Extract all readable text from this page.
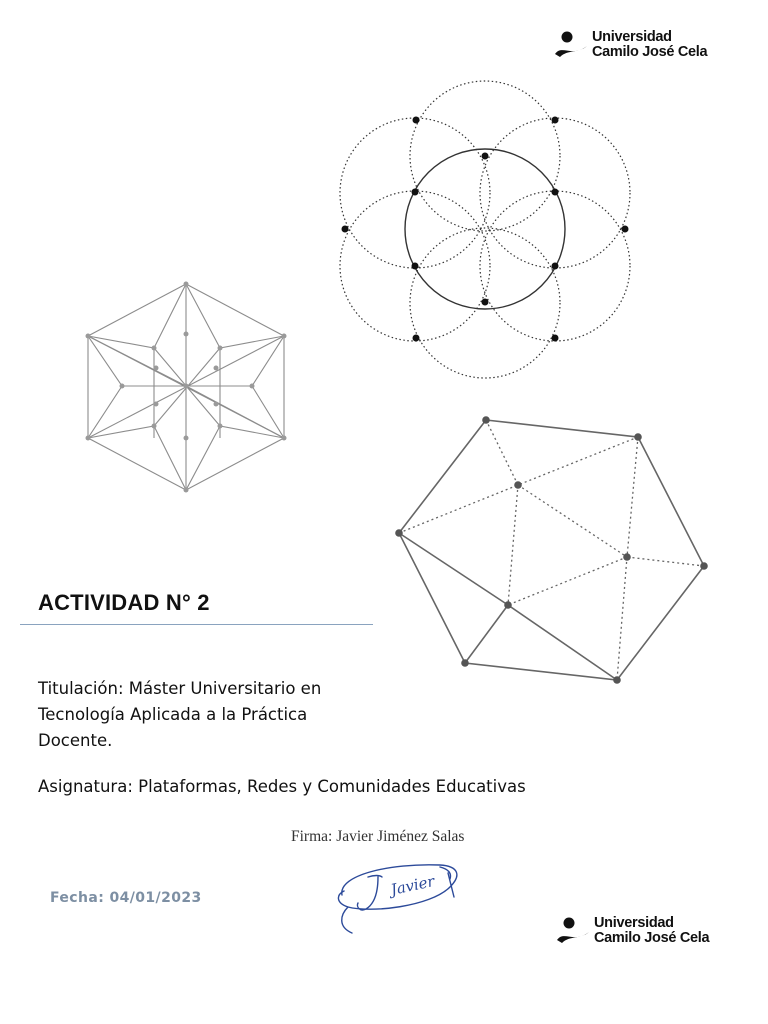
Universidad
Camilo José Cela
ACTIVIDAD N° 2
Titulación: Máster Universitario en Tecnología Aplicada a la Práctica Docente.
Asignatura: Plataformas, Redes y Comunidades Educativas
Firma: Javier Jiménez Salas
Javier
Fecha: 04/01/2023
Universidad
Camilo José Cela
